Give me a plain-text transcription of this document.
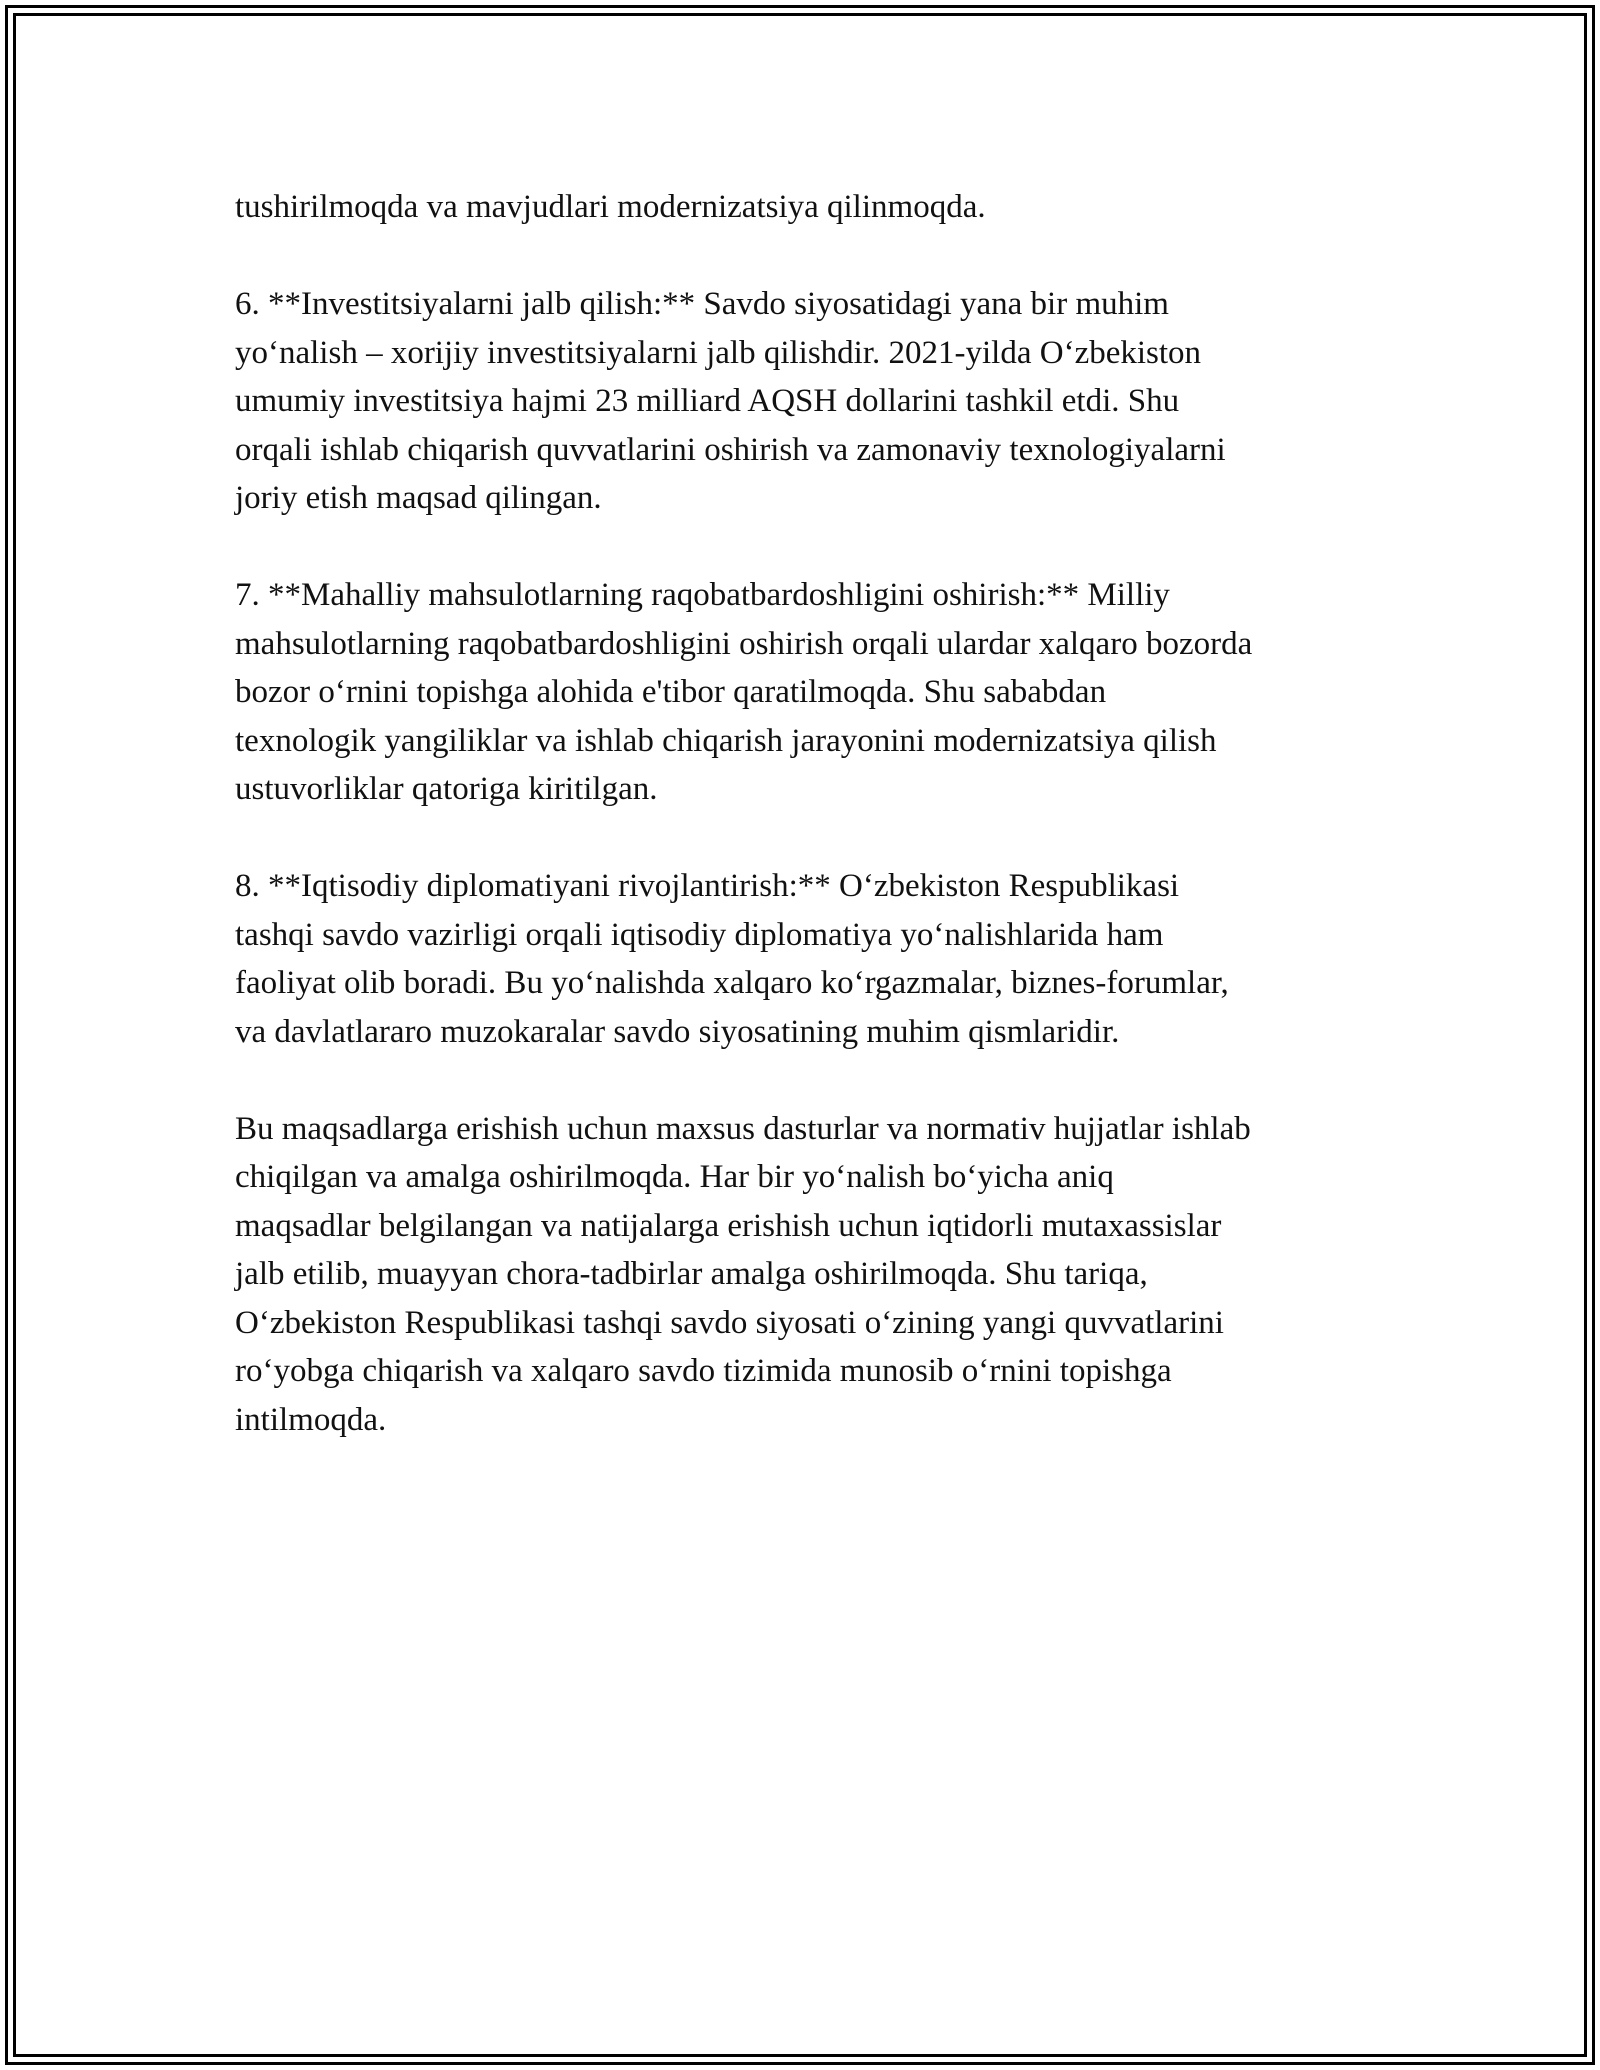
tushirilmoqda va mavjudlari modernizatsiya qilinmoqda.

6. **Investitsiyalarni jalb qilish:** Savdo siyosatidagi yana bir muhim
yo‘nalish – xorijiy investitsiyalarni jalb qilishdir. 2021-yilda O‘zbekiston
umumiy investitsiya hajmi 23 milliard AQSH dollarini tashkil etdi. Shu
orqali ishlab chiqarish quvvatlarini oshirish va zamonaviy texnologiyalarni
joriy etish maqsad qilingan.

7. **Mahalliy mahsulotlarning raqobatbardoshligini oshirish:** Milliy
mahsulotlarning raqobatbardoshligini oshirish orqali ulardar xalqaro bozorda
bozor o‘rnini topishga alohida e'tibor qaratilmoqda. Shu sababdan
texnologik yangiliklar va ishlab chiqarish jarayonini modernizatsiya qilish
ustuvorliklar qatoriga kiritilgan.

8. **Iqtisodiy diplomatiyani rivojlantirish:** O‘zbekiston Respublikasi
tashqi savdo vazirligi orqali iqtisodiy diplomatiya yo‘nalishlarida ham
faoliyat olib boradi. Bu yo‘nalishda xalqaro ko‘rgazmalar, biznes-forumlar,
va davlatlararo muzokaralar savdo siyosatining muhim qismlaridir.

Bu maqsadlarga erishish uchun maxsus dasturlar va normativ hujjatlar ishlab
chiqilgan va amalga oshirilmoqda. Har bir yo‘nalish bo‘yicha aniq
maqsadlar belgilangan va natijalarga erishish uchun iqtidorli mutaxassislar
jalb etilib, muayyan chora-tadbirlar amalga oshirilmoqda. Shu tariqa,
O‘zbekiston Respublikasi tashqi savdo siyosati o‘zining yangi quvvatlarini
ro‘yobga chiqarish va xalqaro savdo tizimida munosib o‘rnini topishga
intilmoqda.
